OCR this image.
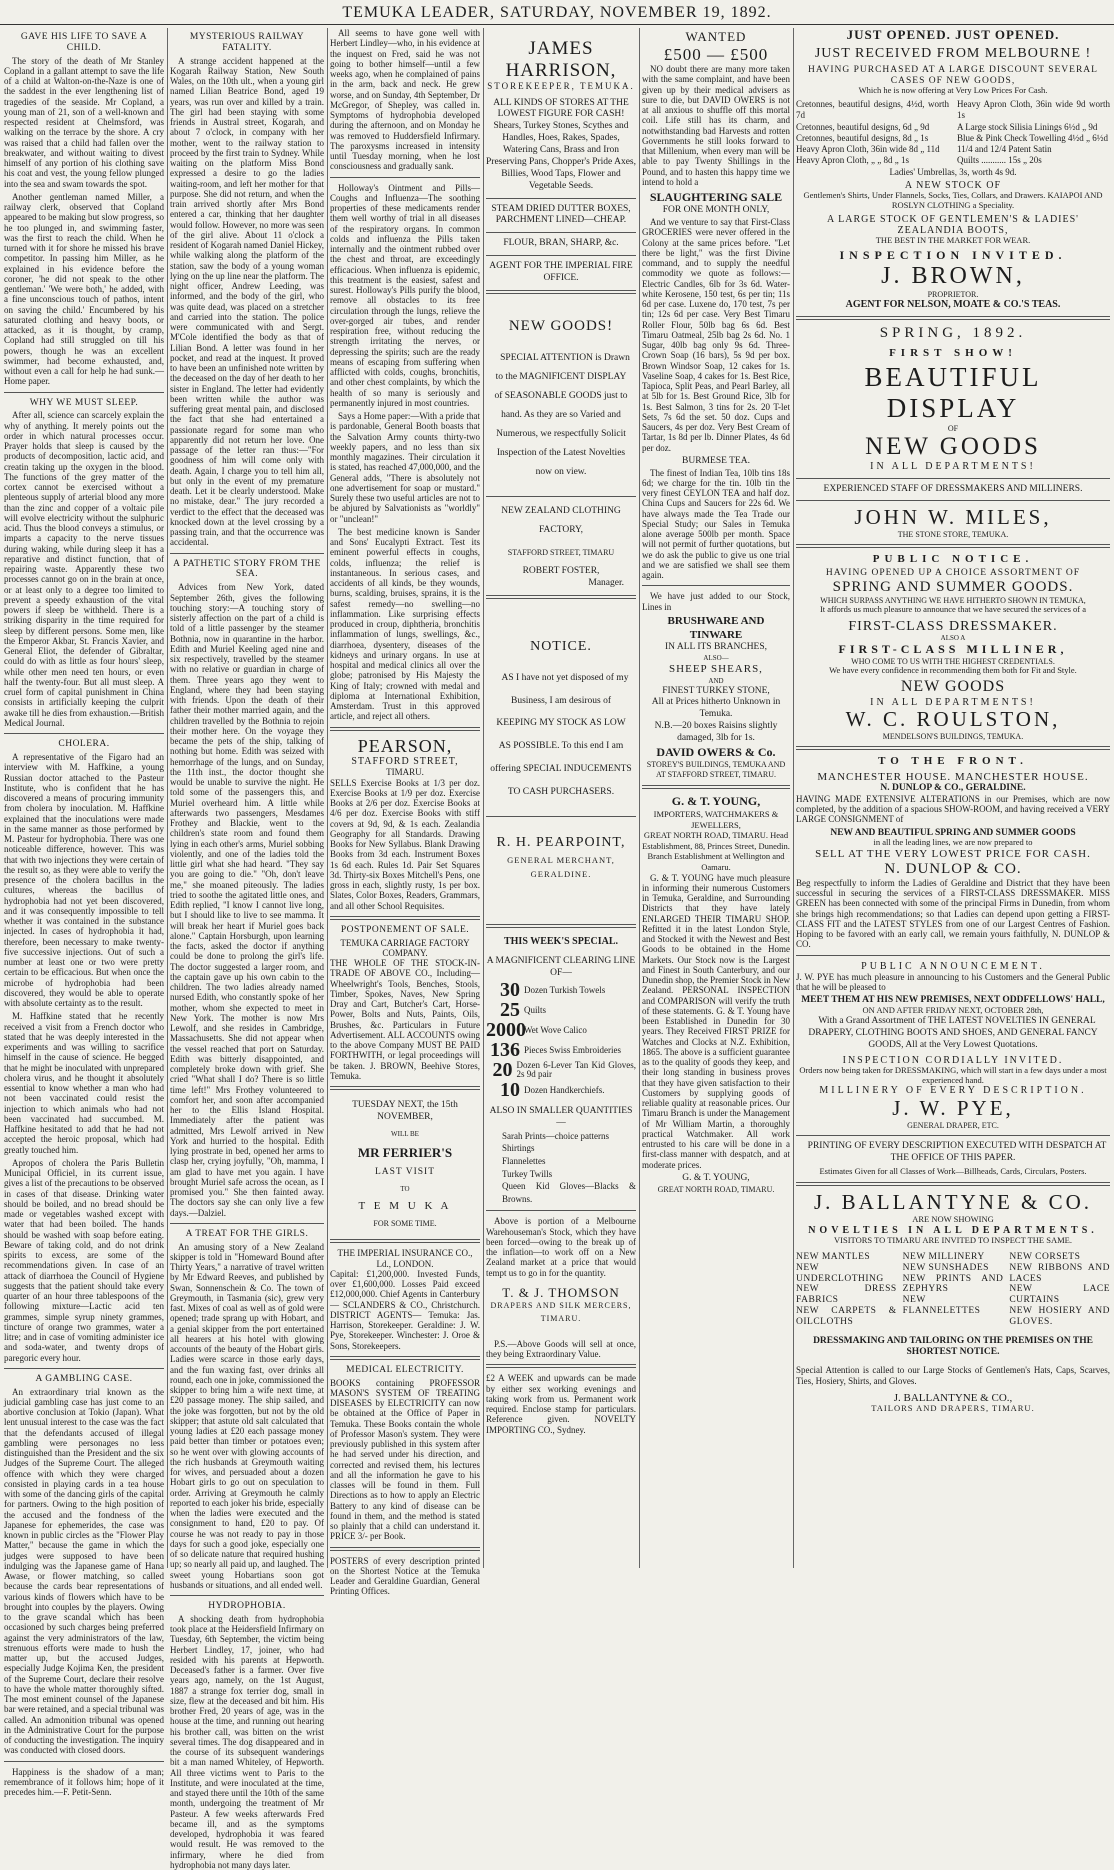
TEMUKA LEADER, SATURDAY, NOVEMBER 19, 1892.
GAVE HIS LIFE TO SAVE A CHILD.

The story of the death of Mr Stanley Copland in a gallant attempt to save the life of a child at Walton-on-the-Naze is one of the saddest in the ever lengthening list of tragedies of the seaside. Mr Copland, a young man of 21, son of a well-known and respected resident at Chelmsford, was walking on the terrace by the shore. A cry was raised that a child had fallen over the breakwater, and without waiting to divest himself of any portion of his clothing save his coat and vest, the young fellow plunged into the sea and swam towards the spot.

Another gentleman named Miller, a railway clerk, observed that Copland appeared to be making but slow progress, so he too plunged in, and swimming faster, was the first to reach the child. When he turned with it for shore he missed his brave competitor. In passing him Miller, as he explained in his evidence before the coroner, 'he did not speak to the other gentleman.' 'We were both,' he added, with a fine unconscious touch of pathos, intent on saving the child.' Encumbered by his saturated clothing and heavy boots, or attacked, as it is thought, by cramp, Copland had still struggled on till his powers, though he was an excellent swimmer, had become exhausted, and, without even a call for help he had sunk.—Home paper.

WHY WE MUST SLEEP.

After all, science can scarcely explain the why of anything. It merely points out the order in which natural processes occur. Prayer holds that sleep is caused by the products of decomposition, lactic acid, and creatin taking up the oxygen in the blood. The functions of the grey matter of the cortex cannot be exercised without a plenteous supply of arterial blood any more than the zinc and copper of a voltaic pile will evolve electricity without the sulphuric acid. Thus the blood conveys a stimulus, or imparts a capacity to the nerve tissues during waking, while during sleep it has a reparative and distinct function, that of repairing waste. Apparently these two processes cannot go on in the brain at once, or at least only to a degree too limited to prevent a speedy exhaustion of the vital powers if sleep be withheld. There is a striking disparity in the time required for sleep by different persons. Some men, like the Emperor Akbar, St. Francis Xavier, and General Eliot, the defender of Gibraltar, could do with as little as four hours' sleep, while other men need ten hours, or even half the twenty-four. But all must sleep. A cruel form of capital punishment in China consists in artificially keeping the culprit awake till he dies from exhaustion.—British Medical Journal.

CHOLERA.

A representative of the Figaro had an interview with M. Haffkine, a young Russian doctor attached to the Pasteur Institute, who is confident that he has discovered a means of procuring immunity from cholera by inoculation. M. Haffkine explained that the inoculations were made in the same manner as those performed by M. Pasteur for hydrophobia. There was one noticeable difference, however. This was that with two injections they were certain of the result so, as they were able to verify the presence of the cholera bacillus in the cultures, whereas the bacillus of hydrophobia had not yet been discovered, and it was consequently impossible to tell whether it was contained in the substance injected. In cases of hydrophobia it had, therefore, been necessary to make twenty-five successive injections. Out of such a number at least one or two were pretty certain to be efficacious. But when once the microbe of hydrophobia had been discovered, they would be able to operate with absolute certainty as to the result.

M. Haffkine stated that he recently received a visit from a French doctor who stated that he was deeply interested in the experiments and was willing to sacrifice himself in the cause of science. He begged that he might be inoculated with unprepared cholera virus, and he thought it absolutely essential to know whether a man who had not been vaccinated could resist the injection to which animals who had not been vaccinated had succumbed. M. Haffkine hesitated to add that he had not accepted the heroic proposal, which had greatly touched him.

Apropos of cholera the Paris Bulletin Municipal Officiel, in its current issue, gives a list of the precautions to be observed in cases of that disease. Drinking water should be boiled, and no bread should be made or vegetables washed except with water that had been boiled. The hands should be washed with soap before eating. Beware of taking cold, and do not drink spirits to excess, are some of the recommendations given. In case of an attack of diarrhoea the Council of Hygiene suggests that the patient should take every quarter of an hour three tablespoons of the following mixture—Lactic acid ten grammes, simple syrup ninety grammes, tincture of orange two grammes, water a litre; and in case of vomiting administer ice and soda-water, and twenty drops of paregoric every hour.

A GAMBLING CASE.

An extraordinary trial known as the judicial gambling case has just come to an abortive conclusion at Tokio (Japan). What lent unusual interest to the case was the fact that the defendants accused of illegal gambling were personages no less distinguished than the President and the six Judges of the Supreme Court. The alleged offence with which they were charged consisted in playing cards in a tea house with some of the dancing girls of the capital for partners. Owing to the high position of the accused and the fondness of the Japanese for ephemerides, the case was known in public circles as the "Flower Play Matter," because the game in which the judges were supposed to have been indulging was the Japanese game of Hana Awase, or flower matching, so called because the cards bear representations of various kinds of flowers which have to be brought into couples by the players. Owing to the grave scandal which has been occasioned by such charges being preferred against the very administrators of the law, strenuous efforts were made to hush the matter up, but the accused Judges, especially Judge Kojima Ken, the president of the Supreme Court, declare their resolve to have the whole matter thoroughly sifted. The most eminent counsel of the Japanese bar were retained, and a special tribunal was called. An admonition tribunal was opened in the Administrative Court for the purpose of conducting the investigation. The inquiry was conducted with closed doors.

Happiness is the shadow of a man; remembrance of it follows him; hope of it precedes him.—F. Petit-Senn.

MYSTERIOUS RAILWAY FATALITY.

A strange accident happened at the Kogarah Railway Station, New South Wales, on the 10th ult., when a young girl named Lilian Beatrice Bond, aged 19 years, was run over and killed by a train. The girl had been staying with some friends in Austral street, Kogarah, and about 7 o'clock, in company with her mother, went to the railway station to proceed by the first train to Sydney. While waiting on the platform Miss Bond expressed a desire to go the ladies waiting-room, and left her mother for that purpose. She did not return, and when the train arrived shortly after Mrs Bond entered a car, thinking that her daughter would follow. However, no more was seen of the girl alive. About 11 o'clock a resident of Kogarah named Daniel Hickey, while walking along the platform of the station, saw the body of a young woman lying on the up line near the platform. The night officer, Andrew Leeding, was informed, and the body of the girl, who was quite dead, was placed on a stretcher and carried into the station. The police were communicated with and Sergt. M'Cole identified the body as that of Lilian Bond. A letter was found in her pocket, and read at the inquest. It proved to have been an unfinished note written by the deceased on the day of her death to her sister in England. The letter had evidently been written while the author was suffering great mental pain, and disclosed the fact that she had entertained a passionate regard for some man who apparently did not return her love. One passage of the letter ran thus:—"For goodness of him will come only with death. Again, I charge you to tell him all, but only in the event of my premature death. Let it be clearly understood. Make no mistake, dear." The jury recorded a verdict to the effect that the deceased was knocked down at the level crossing by a passing train, and that the occurrence was accidental.

A PATHETIC STORY FROM THE SEA.

Advices from New York, dated September 26th, gives the following touching story:—A touching story of sisterly affection on the part of a child is told of a little passenger by the steamer Bothnia, now in quarantine in the harbor. Edith and Muriel Keeling aged nine and six respectively, travelled by the steamer with no relative or guardian in charge of them. Three years ago they went to England, where they had been staying with friends. Upon the death of their father their mother married again, and the children travelled by the Bothnia to rejoin their mother here. On the voyage they became the pets of the ship, talking of nothing but home. Edith was seized with hemorrhage of the lungs, and on Sunday, the 11th inst., the doctor thought she would be unable to survive the night. He told some of the passengers this, and Muriel overheard him. A little while afterwards two passengers, Mesdames Frothey and Blackie, went to the children's state room and found them lying in each other's arms, Muriel sobbing violently, and one of the ladies told the little girl what she had heard. "They say you are going to die." "Oh, don't leave me," she moaned piteously. The ladies tried to soothe the agitated little ones, and Edith replied, "I know I cannot live long, but I should like to live to see mamma. It will break her heart if Muriel goes back alone." Captain Horsburgh, upon learning the facts, asked the doctor if anything could be done to prolong the girl's life. The doctor suggested a larger room, and the captain gave up his own cabin to the children. The two ladies already named nursed Edith, who constantly spoke of her mother, whom she expected to meet in New York. The mother is now Mrs Lewolf, and she resides in Cambridge, Massachusetts. She did not appear when the vessel reached that port on Saturday. Edith was bitterly disappointed, and completely broke down with grief. She cried "What shall I do? There is so little time left!" Mrs Frothey volunteered to comfort her, and soon after accompanied her to the Ellis Island Hospital. Immediately after the patient was admitted, Mrs Lewolf arrived in New York and hurried to the hospital. Edith lying prostrate in bed, opened her arms to clasp her, crying joyfully, "Oh, mamma, I am glad to have met you again. I have brought Muriel safe across the ocean, as I promised you." She then fainted away. The doctors say she can only live a few days.—Dalziel.

A TREAT FOR THE GIRLS.

An amusing story of a New Zealand skipper is told in "Homeward Bound after Thirty Years," a narrative of travel written by Mr Edward Reeves, and published by Swan, Sonnenschein & Co. The town of Greymouth, in Tasmania (sic), grew very fast. Mixes of coal as well as of gold were opened; trade sprang up with Hobart, and a genial skipper from the port entertained all hearers at his hotel with glowing accounts of the beauty of the Hobart girls. Ladies were scarce in those early days, and the fun waxing fast, over drinks all round, each one in joke, commissioned the skipper to bring him a wife next time, at £20 passage money. The ship sailed, and the joke was forgotten, but not by the old skipper; that astute old salt calculated that young ladies at £20 each passage money paid better than timber or potatoes even; so he went over with glowing accounts of the rich husbands at Greymouth waiting for wives, and persuaded about a dozen Hobart girls to go out on speculation to order. Arriving at Greymouth he calmly reported to each joker his bride, especially when the ladies were executed and the consignment to hand, £20 to pay. Of course he was not ready to pay in those days for such a good joke, especially one of so delicate nature that required hushing up; so nearly all paid up, and laughed. The sweet young Hobartians soon got husbands or situations, and all ended well.

HYDROPHOBIA.

A shocking death from hydrophobia took place at the Heidersfield Infirmary on Tuesday, 6th September, the victim being Herbert Lindley, 17, joiner, who had resided with his parents at Hepworth. Deceased's father is a farmer. Over five years ago, namely, on the 1st August, 1887 a strange fox terrier dog, small in size, flew at the deceased and bit him. His brother Fred, 20 years of age, was in the house at the time, and running out hearing his brother call, was bitten on the wrist several times. The dog disappeared and in the course of its subsequent wanderings bit a man named Whiteley, of Hepworth. All three victims went to Paris to the Institute, and were inoculated at the time, and stayed there until the 10th of the same month, undergoing the treatment of Mr Pasteur. A few weeks afterwards Fred became ill, and as the symptoms developed, hydrophobia it was feared would result. He was removed to the infirmary, where he died from hydrophobia not many days later.

All seems to have gone well with Herbert Lindley—who, in his evidence at the inquest on Fred, said he was not going to bother himself—until a few weeks ago, when he complained of pains in the arm, back and neck. He grew worse, and on Sunday, 4th September, Dr McGregor, of Shepley, was called in. Symptoms of hydrophobia developed during the afternoon, and on Monday he was removed to Huddersfield Infirmary. The paroxysms increased in intensity until Tuesday morning, when he lost consciousness and gradually sank.

Holloway's Ointment and Pills—Coughs and Influenza—The soothing properties of these medicaments render them well worthy of trial in all diseases of the respiratory organs. In common colds and influenza the Pills taken internally and the ointment rubbed over the chest and throat, are exceedingly efficacious. When influenza is epidemic, this treatment is the easiest, safest and surest. Holloway's Pills purify the blood, remove all obstacles to its free circulation through the lungs, relieve the over-gorged air tubes, and render respiration free, without reducing the strength irritating the nerves, or depressing the spirits; such are the ready means of escaping from suffering when afflicted with colds, coughs, bronchitis, and other chest complaints, by which the health of so many is seriously and permanently injured in most countries.

Says a Home paper:—With a pride that is pardonable, General Booth boasts that the Salvation Army counts thirty-two weekly papers, and no less than six monthly magazines. Their circulation it is stated, has reached 47,000,000, and the General adds, "There is absolutely not one advertisement for soap or mustard." Surely these two useful articles are not to be abjured by Salvationists as "worldly" or "unclean!"

The best medicine known is Sander and Sons' Eucalypti Extract. Test its eminent powerful effects in coughs, colds, influenza; the relief is instantaneous. In serious cases, and accidents of all kinds, be they wounds, burns, scalding, bruises, sprains, it is the safest remedy—no swelling—no inflammation. Like surprising effects produced in croup, diphtheria, bronchitis inflammation of lungs, swellings, &c., diarrhoea, dysentery, diseases of the kidneys and urinary organs. In use at hospital and medical clinics all over the globe; patronised by His Majesty the King of Italy; crowned with medal and diploma at International Exhibition, Amsterdam. Trust in this approved article, and reject all others.

PEARSON,
STAFFORD STREET,
TIMARU.

SELLS Exercise Books at 1/3 per doz. Exercise Books at 1/9 per doz. Exercise Books at 2/6 per doz. Exercise Books at 4/6 per doz. Exercise Books with stiff covers at 9d, 9d, & 1s each. Zealandia Geography for all Standards. Drawing Books for New Syllabus. Blank Drawing Books from 3d each. Instrument Boxes 1s 6d each. Rules 1d. Pair Set Squares 3d. Thirty-six Boxes Mitchell's Pens, one gross in each, slightly rusty, 1s per box. Slates, Color Boxes, Readers, Grammars, and all other School Requisites.

POSTPONEMENT OF SALE.
TEMUKA CARRIAGE FACTORY COMPANY.

THE WHOLE OF THE STOCK-IN-TRADE OF ABOVE CO., Including— Wheelwright's Tools, Benches, Stools, Timber, Spokes, Naves, New Spring Dray and Cart, Butcher's Cart, Horse-Power, Bolts and Nuts, Paints, Oils, Brushes, &c. Particulars in Future Advertisement. ALL ACCOUNTS owing to the above Company MUST BE PAID FORTHWITH, or legal proceedings will be taken. J. BROWN, Beehive Stores, Temuka.

TUESDAY NEXT, the 15th NOVEMBER,
WILL BE
MR FERRIER'S
LAST VISIT
TO
T E M U K A
FOR SOME TIME.
THE IMPERIAL INSURANCE CO., Ld., LONDON.

Capital: £1,200,000. Invested Funds, over £1,600,000. Losses Paid exceed £12,000,000. Chief Agents in Canterbury— SCLANDERS & CO., Christchurch. DISTRICT AGENTS— Temuka: Jas. Harrison, Storekeeper. Geraldine: J. W. Pye, Storekeeper. Winchester: J. Oroe & Sons, Storekeepers.

MEDICAL ELECTRICITY.

BOOKS containing PROFESSOR MASON'S SYSTEM OF TREATING DISEASES by ELECTRICITY can now be obtained at the Office of Paper in Temuka. These Books contain the whole of Professor Mason's system. They were previously published in this system after he had served under his direction, and corrected and revised them, his lectures and all the information he gave to his classes will be found in them. Full Directions as to how to apply an Electric Battery to any kind of disease can be found in them, and the method is stated so plainly that a child can understand it. PRICE 3/- per Book.

POSTERS of every description printed on the Shortest Notice at the Temuka Leader and Geraldine Guardian, General Printing Offices.

JAMES HARRISON,
STOREKEEPER, TEMUKA.

ALL KINDS OF STORES AT THE LOWEST FIGURE FOR CASH! Shears, Turkey Stones, Scythes and Handles, Hoes, Rakes, Spades, Watering Cans, Brass and Iron Preserving Pans, Chopper's Pride Axes, Billies, Wood Taps, Flower and Vegetable Seeds.

STEAM DRIED DUTTER BOXES, PARCHMENT LINED—CHEAP.
FLOUR, BRAN, SHARP, &c.
AGENT FOR THE IMPERIAL FIRE OFFICE.
NEW GOODS!

SPECIAL ATTENTION is Drawn to the MAGNIFICENT DISPLAY of SEASONABLE GOODS just to hand. As they are so Varied and Numerous, we respectfully Solicit Inspection of the Latest Novelties now on view.

NEW ZEALAND CLOTHING FACTORY,
STAFFORD STREET, TIMARU
ROBERT FOSTER,
Manager.
NOTICE.

AS I have not yet disposed of my Business, I am desirous of KEEPING MY STOCK AS LOW AS POSSIBLE. To this end I am offering SPECIAL INDUCEMENTS TO CASH PURCHASERS.

R. H. PEARPOINT,
GENERAL MERCHANT,
GERALDINE.
THIS WEEK'S SPECIAL.
A MAGNIFICENT CLEARING LINE OF—
30 Dozen Turkish Towels
25 Quilts
2000
Wet Wove Calico
136 Pieces Swiss Embroideries
20 Dozen 6-Lever Tan Kid Gloves, 2s 9d pair
10 Dozen Handkerchiefs.
ALSO IN SMALLER QUANTITIES—
Sarah Prints—choice patterns
Shirtings
Flannelettes
Turkey Twills
Queen Kid Gloves—Blacks & Browns.

Above is portion of a Melbourne Warehouseman's Stock, which they have been forced—owing to the break up of the inflation—to work off on a New Zealand market at a price that would tempt us to go in for the quantity.

T. & J. THOMSON
DRAPERS AND SILK MERCERS,
TIMARU.

P.S.—Above Goods will sell at once, they being Extraordinary Value.

£2 A WEEK and upwards can be made by either sex working evenings and taking work from us. Permanent work required. Enclose stamp for particulars. Reference given. NOVELTY IMPORTING CO., Sydney.

WANTED
£500 — £500

NO doubt there are many more taken with the same complaint, and have been given up by their medical advisers as sure to die, but DAVID OWERS is not at all anxious to shuffle off this mortal coil. Life still has its charm, and notwithstanding bad Harvests and rotten Governments he still looks forward to that Millenium, when every man will be able to pay Twenty Shillings in the Pound, and to hasten this happy time we intend to hold a

SLAUGHTERING SALE
FOR ONE MONTH ONLY,

And we venture to say that First-Class GROCERIES were never offered in the Colony at the same prices before. "Let there be light," was the first Divine command, and to supply the needful commodity we quote as follows:— Electric Candles, 6lb for 3s 6d. Water-white Kerosene, 150 test, 6s per tin; 11s 6d per case. Luxene do, 170 test, 7s per tin; 12s 6d per case. Very Best Timaru Roller Flour, 50lb bag 6s 6d. Best Timaru Oatmeal, 25lb bag 2s 6d. No. 1 Sugar, 40lb bag only 9s 6d. Three-Crown Soap (16 bars), 5s 9d per box. Brown Windsor Soap, 12 cakes for 1s. Vaseline Soap, 4 cakes for 1s. Best Rice, Tapioca, Split Peas, and Pearl Barley, all at 5lb for 1s. Best Ground Rice, 3lb for 1s. Best Salmon, 3 tins for 2s. 20 T-let Sets, 7s 6d the set. 50 doz. Cups and Saucers, 4s per doz. Very Best Cream of Tartar, 1s 8d per lb. Dinner Plates, 4s 6d per doz.

BURMESE TEA.

The finest of Indian Tea, 10lb tins 18s 6d; we charge for the tin. 10lb tin the very finest CEYLON TEA and half doz. China Cups and Saucers for 22s 6d. We have always made the Tea Trade our Special Study; our Sales in Temuka alone average 500lb per month. Space will not permit of further quotations, but we do ask the public to give us one trial and we are satisfied we shall see them again.

We have just added to our Stock, Lines in

BRUSHWARE AND TINWARE
IN ALL ITS BRANCHES,
ALSO—
SHEEP SHEARS,
AND
FINEST TURKEY STONE,
All at Prices hitherto Unknown in Temuka.
N.B.—20 boxes Raisins slightly damaged, 3lb for 1s.
DAVID OWERS & Co.
STOREY'S BUILDINGS, TEMUKA AND AT STAFFORD STREET, TIMARU.
G. & T. YOUNG,
IMPORTERS, WATCHMAKERS & JEWELLERS,
GREAT NORTH ROAD, TIMARU. Head Establishment, 88, Princes Street, Dunedin. Branch Establishment at Wellington and Oamaru.

G. & T. YOUNG have much pleasure in informing their numerous Customers in Temuka, Geraldine, and Surrounding Districts that they have lately ENLARGED THEIR TIMARU SHOP. Refitted it in the latest London Style, and Stocked it with the Newest and Best Goods to be obtained in the Home Markets. Our Stock now is the Largest and Finest in South Canterbury, and our Dunedin shop, the Premier Stock in New Zealand. PERSONAL INSPECTION and COMPARISON will verify the truth of these statements. G. & T. Young have been Established in Dunedin for 30 years. They Received FIRST PRIZE for Watches and Clocks at N.Z. Exhibition, 1865. The above is a sufficient guarantee as to the quality of goods they keep, and their long standing in business proves that they have given satisfaction to their Customers by supplying goods of reliable quality at reasonable prices. Our Timaru Branch is under the Management of Mr William Martin, a thoroughly practical Watchmaker. All work entrusted to his care will be done in a first-class manner with despatch, and at moderate prices.

G. & T. YOUNG,
GREAT NORTH ROAD, TIMARU.
JUST OPENED. JUST OPENED.
JUST RECEIVED FROM MELBOURNE !
HAVING PURCHASED AT A LARGE DISCOUNT SEVERAL CASES OF NEW GOODS,
Which he is now offering at Very Low Prices For Cash.
Cretonnes, beautiful designs, 4½d, worth 7d
Cretonnes, beautiful designs, 6d „ 9d
Cretonnes, beautiful designs, 8d „ 1s
Heavy Apron Cloth, 36in wide 8d „ 11d
Heavy Apron Cloth, „ „ 8d „ 1s
Heavy Apron Cloth, 36in wide 9d worth 1s
A Large stock Silisia Linings 6½d „ 9d
Blue & Pink Check Towelling 4½d „ 6½d
11/4 and 12/4 Patent Satin
Quilts ........... 15s „ 20s
Ladies' Umbrellas, 3s, worth 4s 9d.
A NEW STOCK OF
Gentlemen's Shirts, Under Flannels, Socks, Ties, Collars, and Drawers. KAIAPOI AND ROSLYN CLOTHING a Speciality.
A LARGE STOCK OF GENTLEMEN'S & LADIES' ZEALANDIA BOOTS,
THE BEST IN THE MARKET FOR WEAR.
INSPECTION INVITED.
J. BROWN,
PROPRIETOR.
AGENT FOR NELSON, MOATE & CO.'S TEAS.
SPRING, 1892.
FIRST SHOW!
BEAUTIFUL DISPLAY
OF
NEW GOODS
IN ALL DEPARTMENTS!
EXPERIENCED STAFF OF DRESSMAKERS AND MILLINERS.
JOHN W. MILES,
THE STONE STORE, TEMUKA.
PUBLIC NOTICE.
HAVING OPENED UP A CHOICE ASSORTMENT OF
SPRING AND SUMMER GOODS.
WHICH SURPASS ANYTHING WE HAVE HITHERTO SHOWN IN TEMUKA,
It affords us much pleasure to announce that we have secured the services of a
FIRST-CLASS DRESSMAKER.
ALSO A
FIRST-CLASS MILLINER,
WHO COME TO US WITH THE HIGHEST CREDENTIALS.
We have every confidence in recommending them both for Fit and Style.
NEW GOODS
IN ALL DEPARTMENTS!
W. C. ROULSTON,
MENDELSON'S BUILDINGS, TEMUKA.
TO THE FRONT.
MANCHESTER HOUSE. MANCHESTER HOUSE.
N. DUNLOP & CO., GERALDINE.

HAVING MADE EXTENSIVE ALTERATIONS in our Premises, which are now completed, by the addition of a spacious SHOW-ROOM, and having received a VERY LARGE CONSIGNMENT of

NEW AND BEAUTIFUL SPRING AND SUMMER GOODS
in all the leading lines, we are now prepared to
SELL AT THE VERY LOWEST PRICE FOR CASH.
N. DUNLOP & CO.

Beg respectfully to inform the Ladies of Geraldine and District that they have been successful in securing the services of a FIRST-CLASS DRESSMAKER. MISS GREEN has been connected with some of the principal Firms in Dunedin, from whom she brings high recommendations; so that Ladies can depend upon getting a FIRST-CLASS FIT and the LATEST STYLES from one of our Largest Centres of Fashion. Hoping to be favored with an early call, we remain yours faithfully, N. DUNLOP & CO.

PUBLIC ANNOUNCEMENT.

J. W. PYE has much pleasure in announcing to his Customers and the General Public that he will be pleased to

MEET THEM AT HIS NEW PREMISES, NEXT ODDFELLOWS' HALL,
ON AND AFTER FRIDAY NEXT, OCTOBER 28th,

With a Grand Assortment of THE LATEST NOVELTIES IN GENERAL DRAPERY, CLOTHING BOOTS AND SHOES, AND GENERAL FANCY GOODS, All at the Very Lowest Quotations.

INSPECTION CORDIALLY INVITED.
Orders now being taken for DRESSMAKING, which will start in a few days under a most experienced hand.
MILLINERY OF EVERY DESCRIPTION.
J. W. PYE,
GENERAL DRAPER, ETC.

PRINTING OF EVERY DESCRIPTION EXECUTED WITH DESPATCH AT THE OFFICE OF THIS PAPER.

Estimates Given for all Classes of Work—Billheads, Cards, Circulars, Posters.
J. BALLANTYNE & CO.
ARE NOW SHOWING
NOVELTIES IN ALL DEPARTMENTS.
VISITORS TO TIMARU ARE INVITED TO INSPECT THE SAME.
NEW MANTLES
NEW UNDERCLOTHING
NEW DRESS FABRICS
NEW CARPETS & OILCLOTHS
NEW MILLINERY
NEW SUNSHADES
NEW PRINTS AND ZEPHYRS
NEW FLANNELETTES
NEW CORSETS
NEW RIBBONS AND LACES
NEW LACE CURTAINS
NEW HOSIERY AND GLOVES.
DRESSMAKING AND TAILORING ON THE PREMISES ON THE SHORTEST NOTICE.

Special Attention is called to our Large Stocks of Gentlemen's Hats, Caps, Scarves, Ties, Hosiery, Shirts, and Gloves.

J. BALLANTYNE & CO.,
TAILORS AND DRAPERS, TIMARU.
